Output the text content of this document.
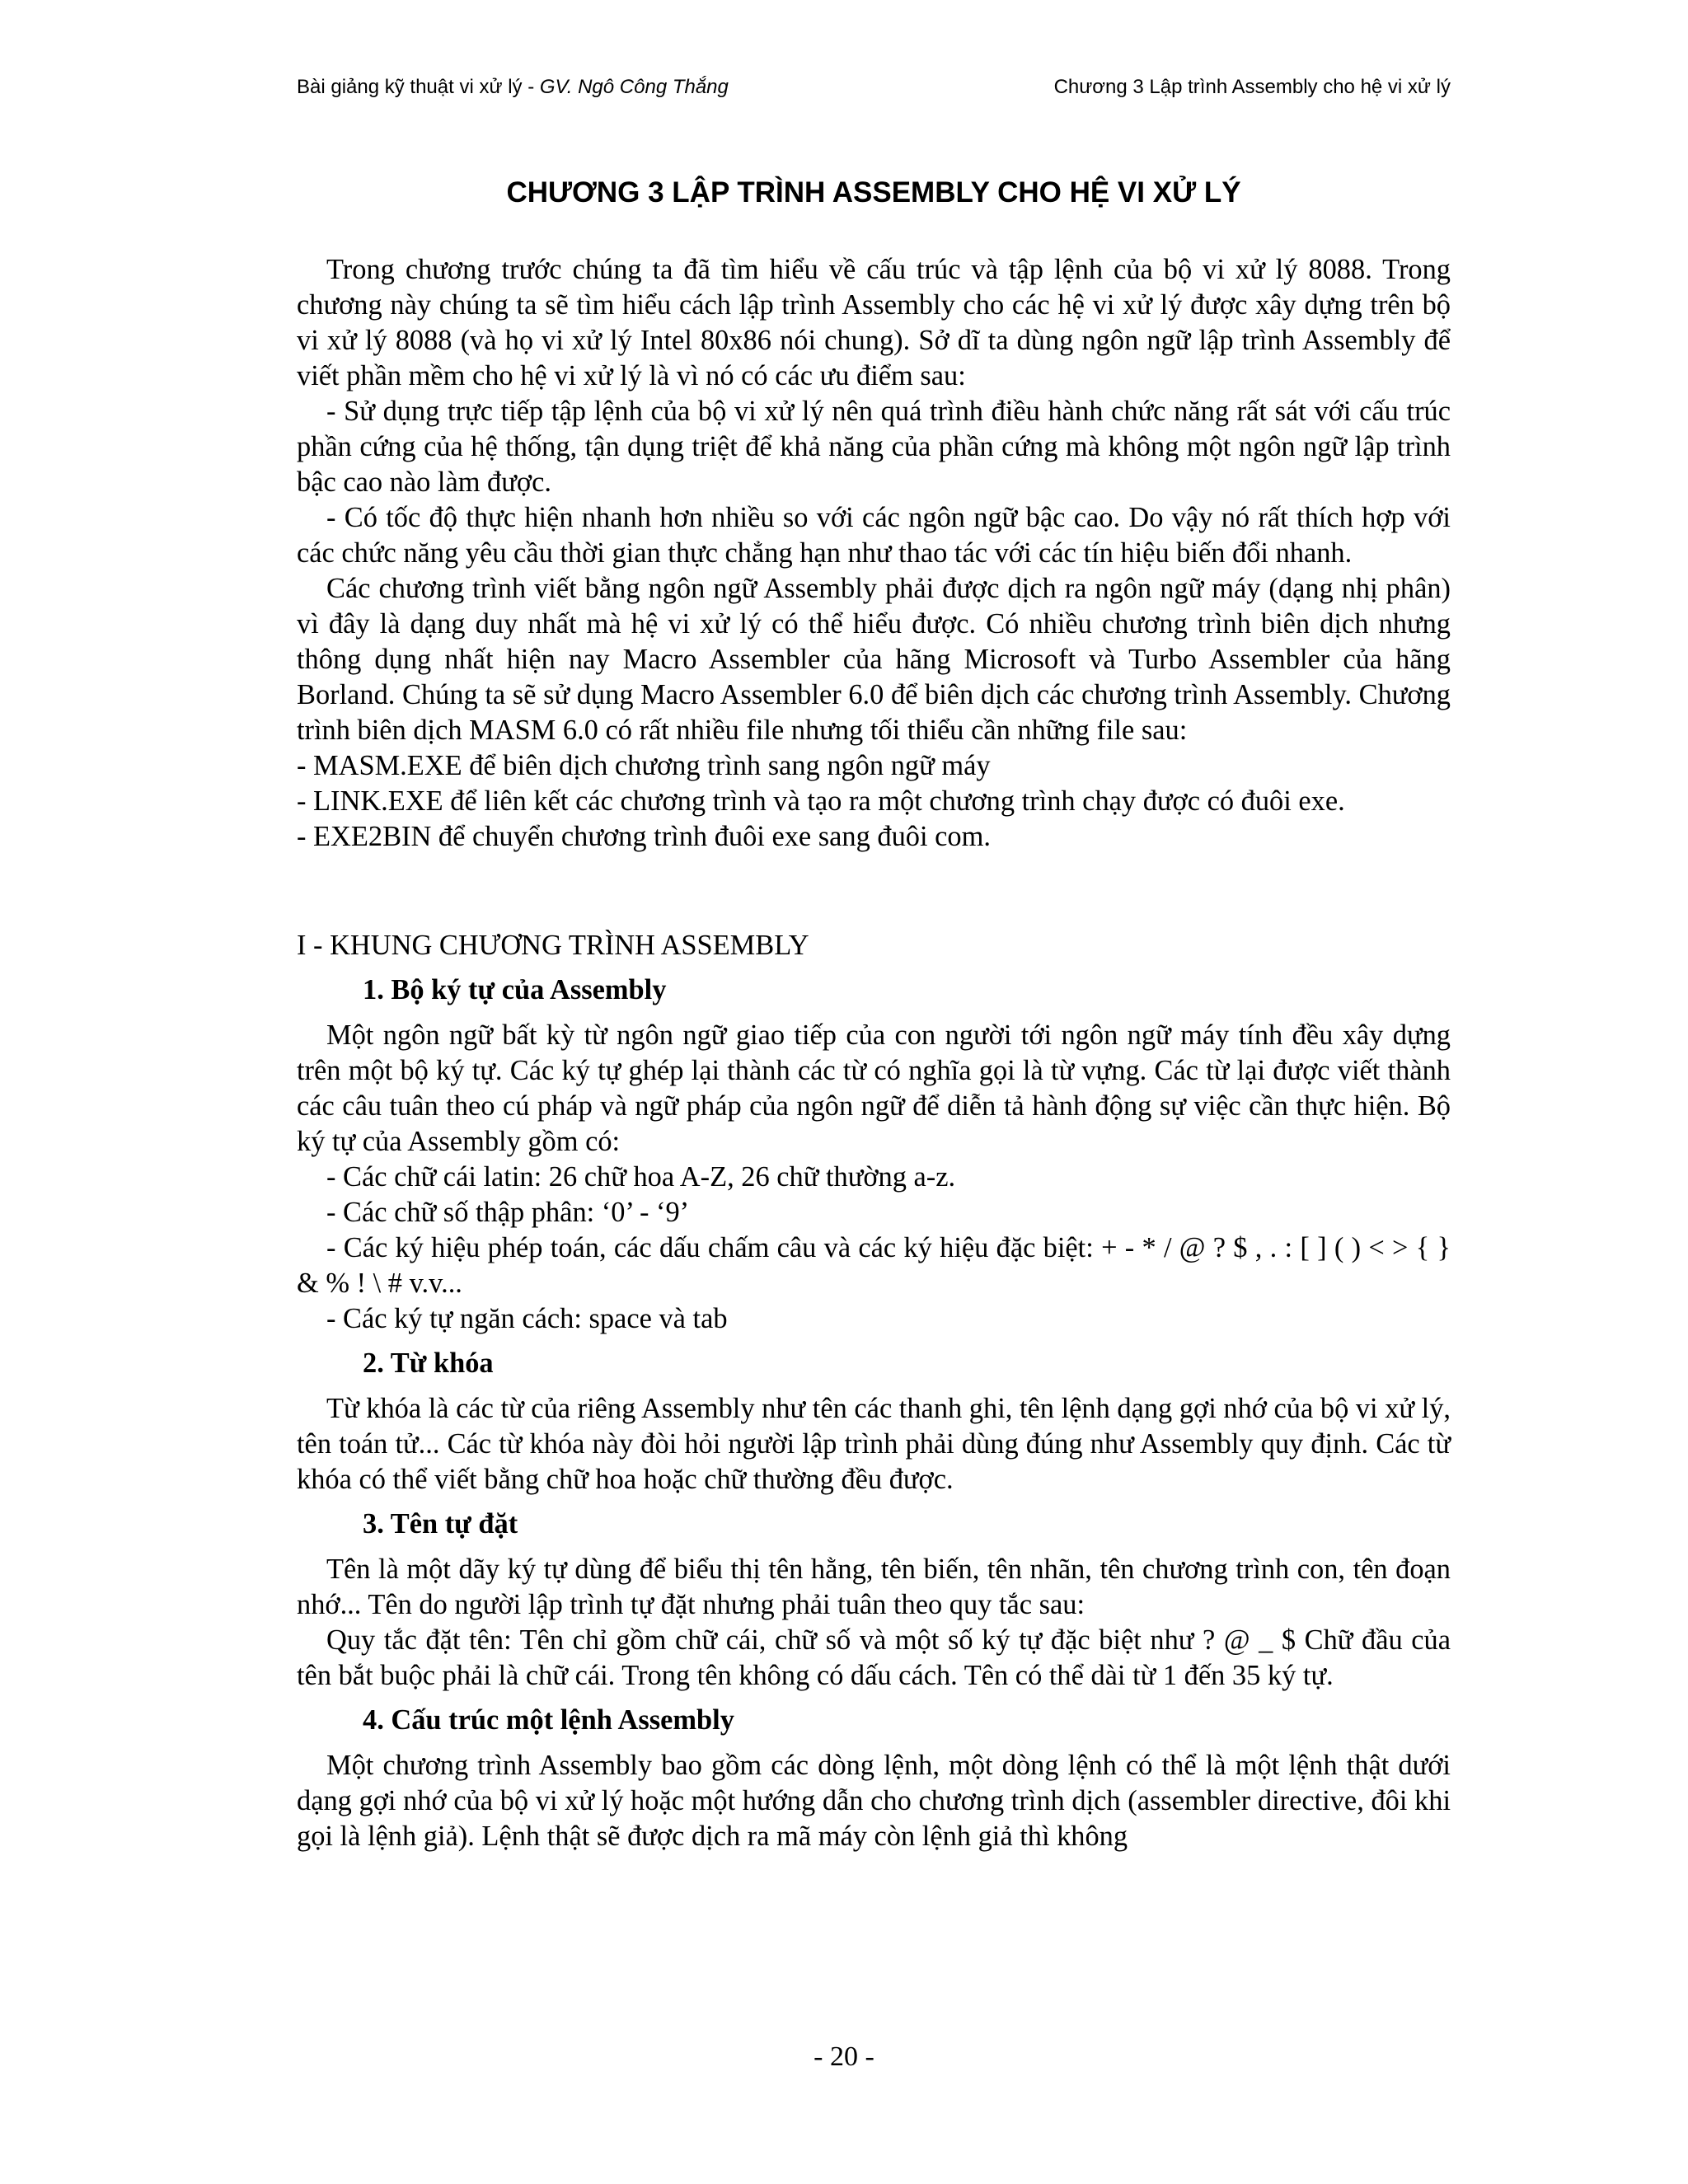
Bài giảng kỹ thuật vi xử lý - GV. Ngô Công Thắng	Chương 3 Lập trình Assembly cho hệ vi xử lý
CHƯƠNG 3 LẬP TRÌNH ASSEMBLY CHO HỆ VI XỬ LÝ

Trong chương trước chúng ta đã tìm hiểu về cấu trúc và tập lệnh của bộ vi xử lý 8088. Trong chương này chúng ta sẽ tìm hiểu cách lập trình Assembly cho các hệ vi xử lý được xây dựng trên bộ vi xử lý 8088 (và họ vi xử lý Intel 80x86 nói chung). Sở dĩ ta dùng ngôn ngữ lập trình Assembly để viết phần mềm cho hệ vi xử lý là vì nó có các ưu điểm sau:

- Sử dụng trực tiếp tập lệnh của bộ vi xử lý nên quá trình điều hành chức năng rất sát với cấu trúc phần cứng của hệ thống, tận dụng triệt để khả năng của phần cứng mà không một ngôn ngữ lập trình bậc cao nào làm được.

- Có tốc độ thực hiện nhanh hơn nhiều so với các ngôn ngữ bậc cao. Do vậy nó rất thích hợp với các chức năng yêu cầu thời gian thực chẳng hạn như thao tác với các tín hiệu biến đổi nhanh.

Các chương trình viết bằng ngôn ngữ Assembly phải được dịch ra ngôn ngữ máy (dạng nhị phân) vì đây là dạng duy nhất mà hệ vi xử lý có thể hiểu được. Có nhiều chương trình biên dịch nhưng thông dụng nhất hiện nay Macro Assembler của hãng Microsoft và Turbo Assembler của hãng Borland. Chúng ta sẽ sử dụng Macro Assembler 6.0 để biên dịch các chương trình Assembly. Chương trình biên dịch MASM 6.0 có rất nhiều file nhưng tối thiểu cần những file sau:

- MASM.EXE để biên dịch chương trình sang ngôn ngữ máy

- LINK.EXE để liên kết các chương trình và tạo ra một chương trình chạy được có đuôi exe.

- EXE2BIN để chuyển chương trình đuôi exe sang đuôi com.

I - KHUNG CHƯƠNG TRÌNH ASSEMBLY

1. Bộ ký tự của Assembly

Một ngôn ngữ bất kỳ từ ngôn ngữ giao tiếp của con người tới ngôn ngữ máy tính đều xây dựng trên một bộ ký tự. Các ký tự ghép lại thành các từ có nghĩa gọi là từ vựng. Các từ lại được viết thành các câu tuân theo cú pháp và ngữ pháp của ngôn ngữ để diễn tả hành động sự việc cần thực hiện. Bộ ký tự của Assembly gồm có:

- Các chữ cái latin: 26 chữ hoa A-Z, 26 chữ thường a-z.

- Các chữ số thập phân: ‘0’ - ‘9’

- Các ký hiệu phép toán, các dấu chấm câu và các ký hiệu đặc biệt: + - * / @ ? $ , . : [ ] ( ) < > { } & % ! \ # v.v...

- Các ký tự ngăn cách: space và tab

2. Từ khóa

Từ khóa là các từ của riêng Assembly như tên các thanh ghi, tên lệnh dạng gợi nhớ của bộ vi xử lý, tên toán tử... Các từ khóa này đòi hỏi người lập trình phải dùng đúng như Assembly quy định. Các từ khóa có thể viết bằng chữ hoa hoặc chữ thường đều được.

3. Tên tự đặt

Tên là một dãy ký tự dùng để biểu thị tên hằng, tên biến, tên nhãn, tên chương trình con, tên đoạn nhớ... Tên do người lập trình tự đặt nhưng phải tuân theo quy tắc sau:

Quy tắc đặt tên: Tên chỉ gồm chữ cái, chữ số và một số ký tự đặc biệt như ? @ _ $ Chữ đầu của tên bắt buộc phải là chữ cái. Trong tên không có dấu cách. Tên có thể dài từ 1 đến 35 ký tự.

4. Cấu trúc một lệnh Assembly

Một chương trình Assembly bao gồm các dòng lệnh, một dòng lệnh có thể là một lệnh thật dưới dạng gợi nhớ của bộ vi xử lý hoặc một hướng dẫn cho chương trình dịch (assembler directive, đôi khi gọi là lệnh giả). Lệnh thật sẽ được dịch ra mã máy còn lệnh giả thì không

- 20 -
